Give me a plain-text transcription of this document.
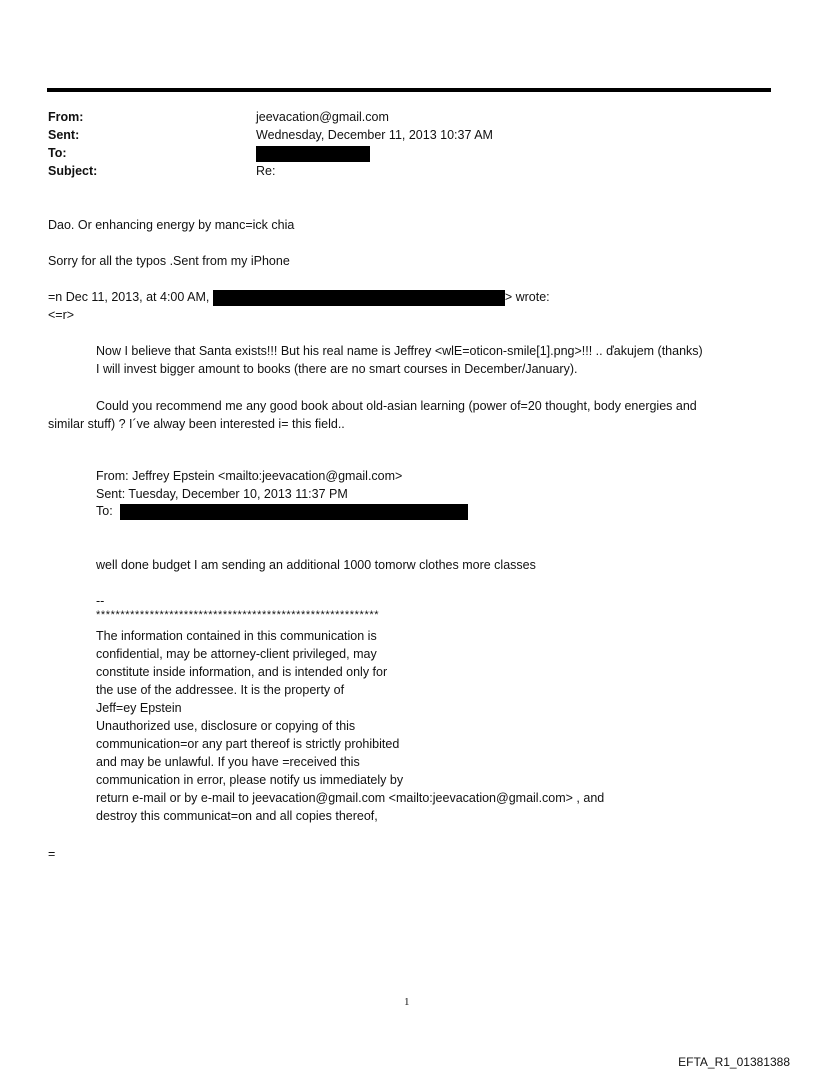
From:	jeevacation@gmail.com
Sent:	Wednesday, December 11, 2013 10:37 AM
To:
Subject:	Re:
Dao. Or enhancing energy by manc=ick chia
Sorry for all the typos .Sent from my iPhone
=n Dec 11, 2013, at 4:00 AM,	> wrote:
<=r>
Now I believe that Santa exists!!! But his real name is Jeffrey <wlE=oticon-smile[1].png>!!! .. ďakujem (thanks)
I will invest bigger amount to books (there are no smart courses in December/January).
Could you recommend me any good book about old-asian learning (power of=20 thought, body energies and
similar stuff) ? I´ve alway been interested i= this field..
From: Jeffrey Epstein <mailto:jeevacation@gmail.com>
Sent: Tuesday, December 10, 2013 11:37 PM
To:
well done budget I am sending an additional 1000 tomorw clothes more classes
--
**********************************************************
The information contained in this communication is
confidential, may be attorney-client privileged, may
constitute inside information, and is intended only for
the use of the addressee. It is the property of
Jeff=ey Epstein
Unauthorized use, disclosure or copying of this
communication=or any part thereof is strictly prohibited
and may be unlawful. If you have =received this
communication in error, please notify us immediately by
return e-mail or by e-mail to jeevacation@gmail.com <mailto:jeevacation@gmail.com> , and
destroy this communicat=on and all copies thereof,
=
1
EFTA_R1_01381388
